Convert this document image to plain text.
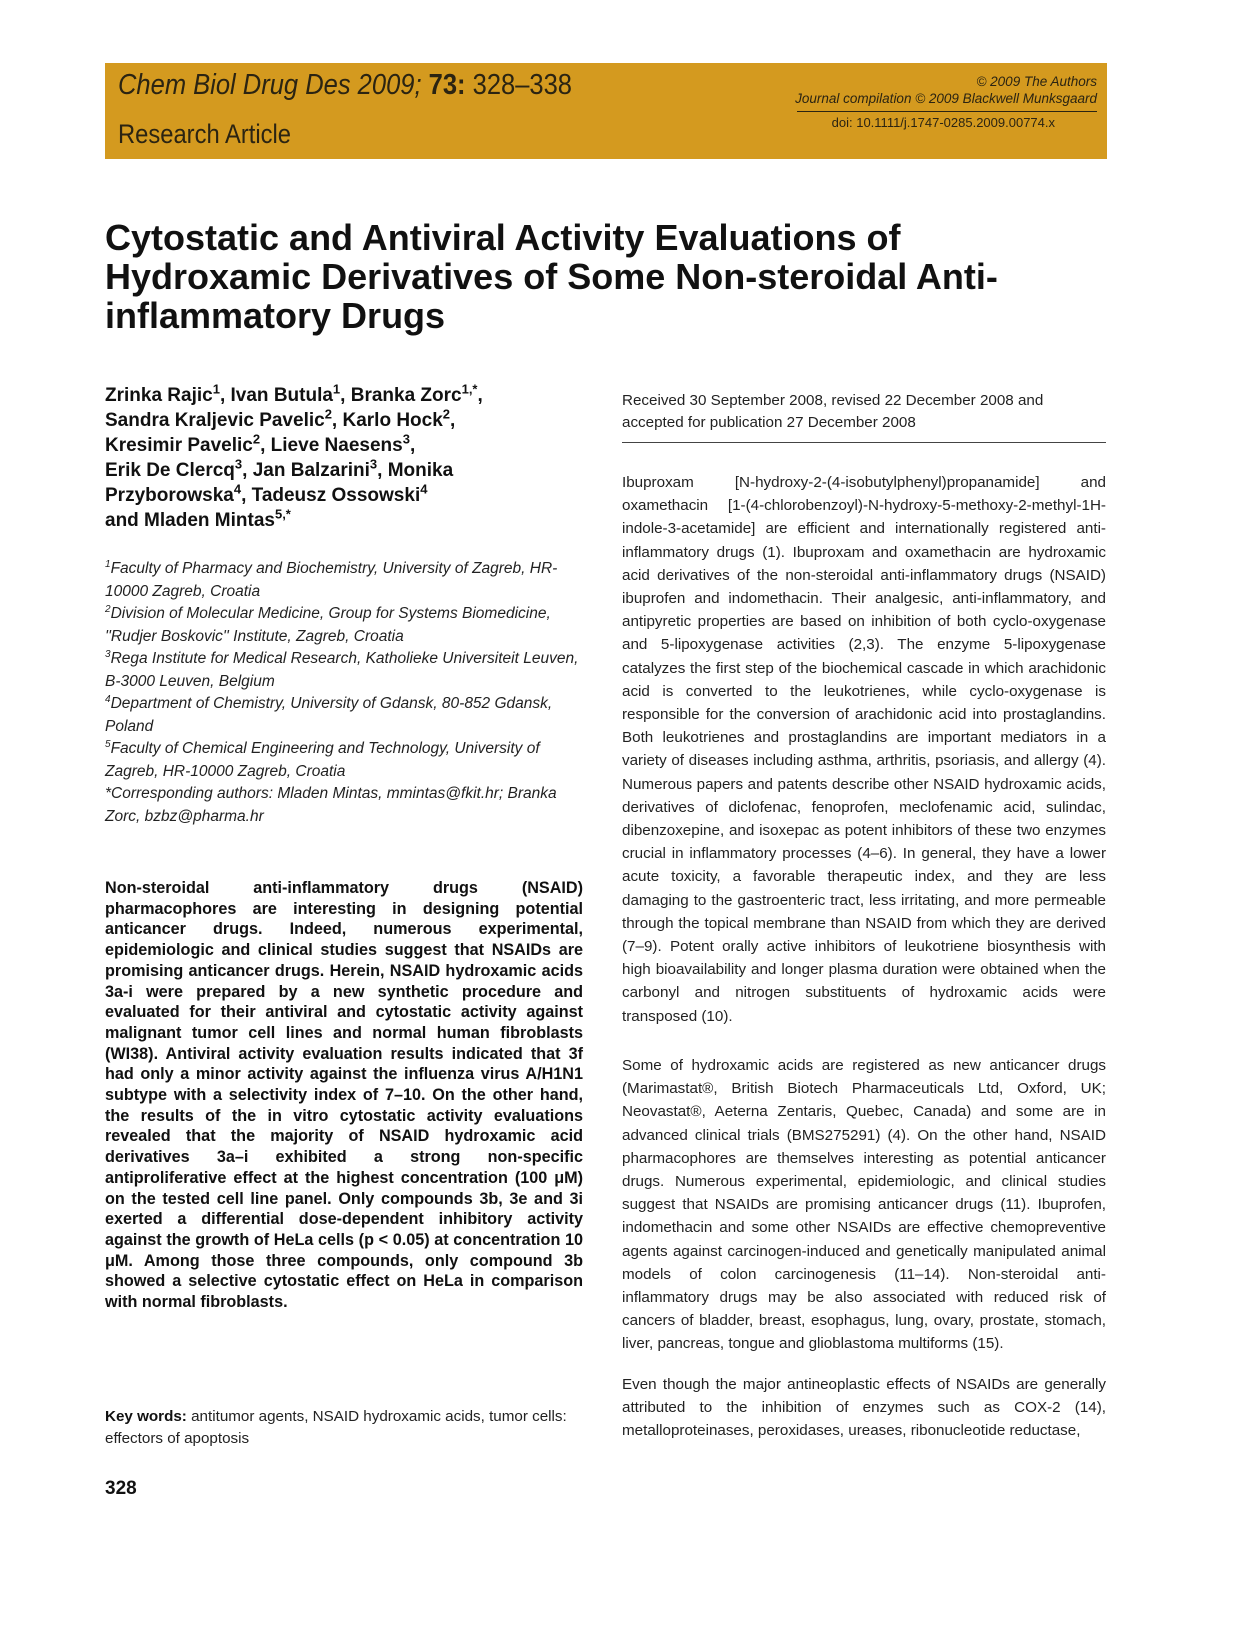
Chem Biol Drug Des 2009; 73: 328–338
Research Article
© 2009 The Authors
Journal compilation © 2009 Blackwell Munksgaard
doi: 10.1111/j.1747-0285.2009.00774.x
Cytostatic and Antiviral Activity Evaluations of Hydroxamic Derivatives of Some Non-steroidal Anti-inflammatory Drugs
Zrinka Rajic$^1$, Ivan Butula$^1$, Branka Zorc$^{1,*}$,
Sandra Kraljevic Pavelic$^2$, Karlo Hock$^2$,
Kresimir Pavelic$^2$, Lieve Naesens$^3$,
Erik De Clercq$^3$, Jan Balzarini$^3$, Monika Przyborowska$^4$, Tadeusz Ossowski$^4$
and Mladen Mintas$^{5,*}$

$^1$Faculty of Pharmacy and Biochemistry, University of Zagreb, HR-10000 Zagreb, Croatia

$^2$Division of Molecular Medicine, Group for Systems Biomedicine, ''Rudjer Boskovic'' Institute, Zagreb, Croatia

$^3$Rega Institute for Medical Research, Katholieke Universiteit Leuven, B-3000 Leuven, Belgium

$^4$Department of Chemistry, University of Gdansk, 80-852 Gdansk, Poland

$^5$Faculty of Chemical Engineering and Technology, University of Zagreb, HR-10000 Zagreb, Croatia

*Corresponding authors: Mladen Mintas, mmintas@fkit.hr; Branka Zorc, bzbz@pharma.hr

Non-steroidal anti-inflammatory drugs (NSAID) pharmacophores are interesting in designing potential anticancer drugs. Indeed, numerous experimental, epidemiologic and clinical studies suggest that NSAIDs are promising anticancer drugs. Herein, NSAID hydroxamic acids 3a-i were prepared by a new synthetic procedure and evaluated for their antiviral and cytostatic activity against malignant tumor cell lines and normal human fibroblasts (WI38). Antiviral activity evaluation results indicated that 3f had only a minor activity against the influenza virus A/H1N1 subtype with a selectivity index of 7–10. On the other hand, the results of the in vitro cytostatic activity evaluations revealed that the majority of NSAID hydroxamic acid derivatives 3a–i exhibited a strong non-specific antiproliferative effect at the highest concentration (100 μM) on the tested cell line panel. Only compounds 3b, 3e and 3i exerted a differential dose-dependent inhibitory activity against the growth of HeLa cells (p < 0.05) at concentration 10 μM. Among those three compounds, only compound 3b showed a selective cytostatic effect on HeLa in comparison with normal fibroblasts.
Key words: antitumor agents, NSAID hydroxamic acids, tumor cells: effectors of apoptosis
328
Received 30 September 2008, revised 22 December 2008 and accepted for publication 27 December 2008
Ibuproxam [N-hydroxy-2-(4-isobutylphenyl)propanamide] and oxamethacin [1-(4-chlorobenzoyl)-N-hydroxy-5-methoxy-2-methyl-1H-indole-3-acetamide] are efficient and internationally registered anti-inflammatory drugs (1). Ibuproxam and oxamethacin are hydroxamic acid derivatives of the non-steroidal anti-inflammatory drugs (NSAID) ibuprofen and indomethacin. Their analgesic, anti-inflammatory, and antipyretic properties are based on inhibition of both cyclo-oxygenase and 5-lipoxygenase activities (2,3). The enzyme 5-lipoxygenase catalyzes the first step of the biochemical cascade in which arachidonic acid is converted to the leukotrienes, while cyclo-oxygenase is responsible for the conversion of arachidonic acid into prostaglandins. Both leukotrienes and prostaglandins are important mediators in a variety of diseases including asthma, arthritis, psoriasis, and allergy (4). Numerous papers and patents describe other NSAID hydroxamic acids, derivatives of diclofenac, fenoprofen, meclofenamic acid, sulindac, dibenzoxepine, and isoxepac as potent inhibitors of these two enzymes crucial in inflammatory processes (4–6). In general, they have a lower acute toxicity, a favorable therapeutic index, and they are less damaging to the gastroenteric tract, less irritating, and more permeable through the topical membrane than NSAID from which they are derived (7–9). Potent orally active inhibitors of leukotriene biosynthesis with high bioavailability and longer plasma duration were obtained when the carbonyl and nitrogen substituents of hydroxamic acids were transposed (10).
Some of hydroxamic acids are registered as new anticancer drugs (Marimastat®, British Biotech Pharmaceuticals Ltd, Oxford, UK; Neovastat®, Aeterna Zentaris, Quebec, Canada) and some are in advanced clinical trials (BMS275291) (4). On the other hand, NSAID pharmacophores are themselves interesting as potential anticancer drugs. Numerous experimental, epidemiologic, and clinical studies suggest that NSAIDs are promising anticancer drugs (11). Ibuprofen, indomethacin and some other NSAIDs are effective chemopreventive agents against carcinogen-induced and genetically manipulated animal models of colon carcinogenesis (11–14). Non-steroidal anti-inflammatory drugs may be also associated with reduced risk of cancers of bladder, breast, esophagus, lung, ovary, prostate, stomach, liver, pancreas, tongue and glioblastoma multiforms (15).
Even though the major antineoplastic effects of NSAIDs are generally attributed to the inhibition of enzymes such as COX-2 (14), metalloproteinases, peroxidases, ureases, ribonucleotide reductase,
